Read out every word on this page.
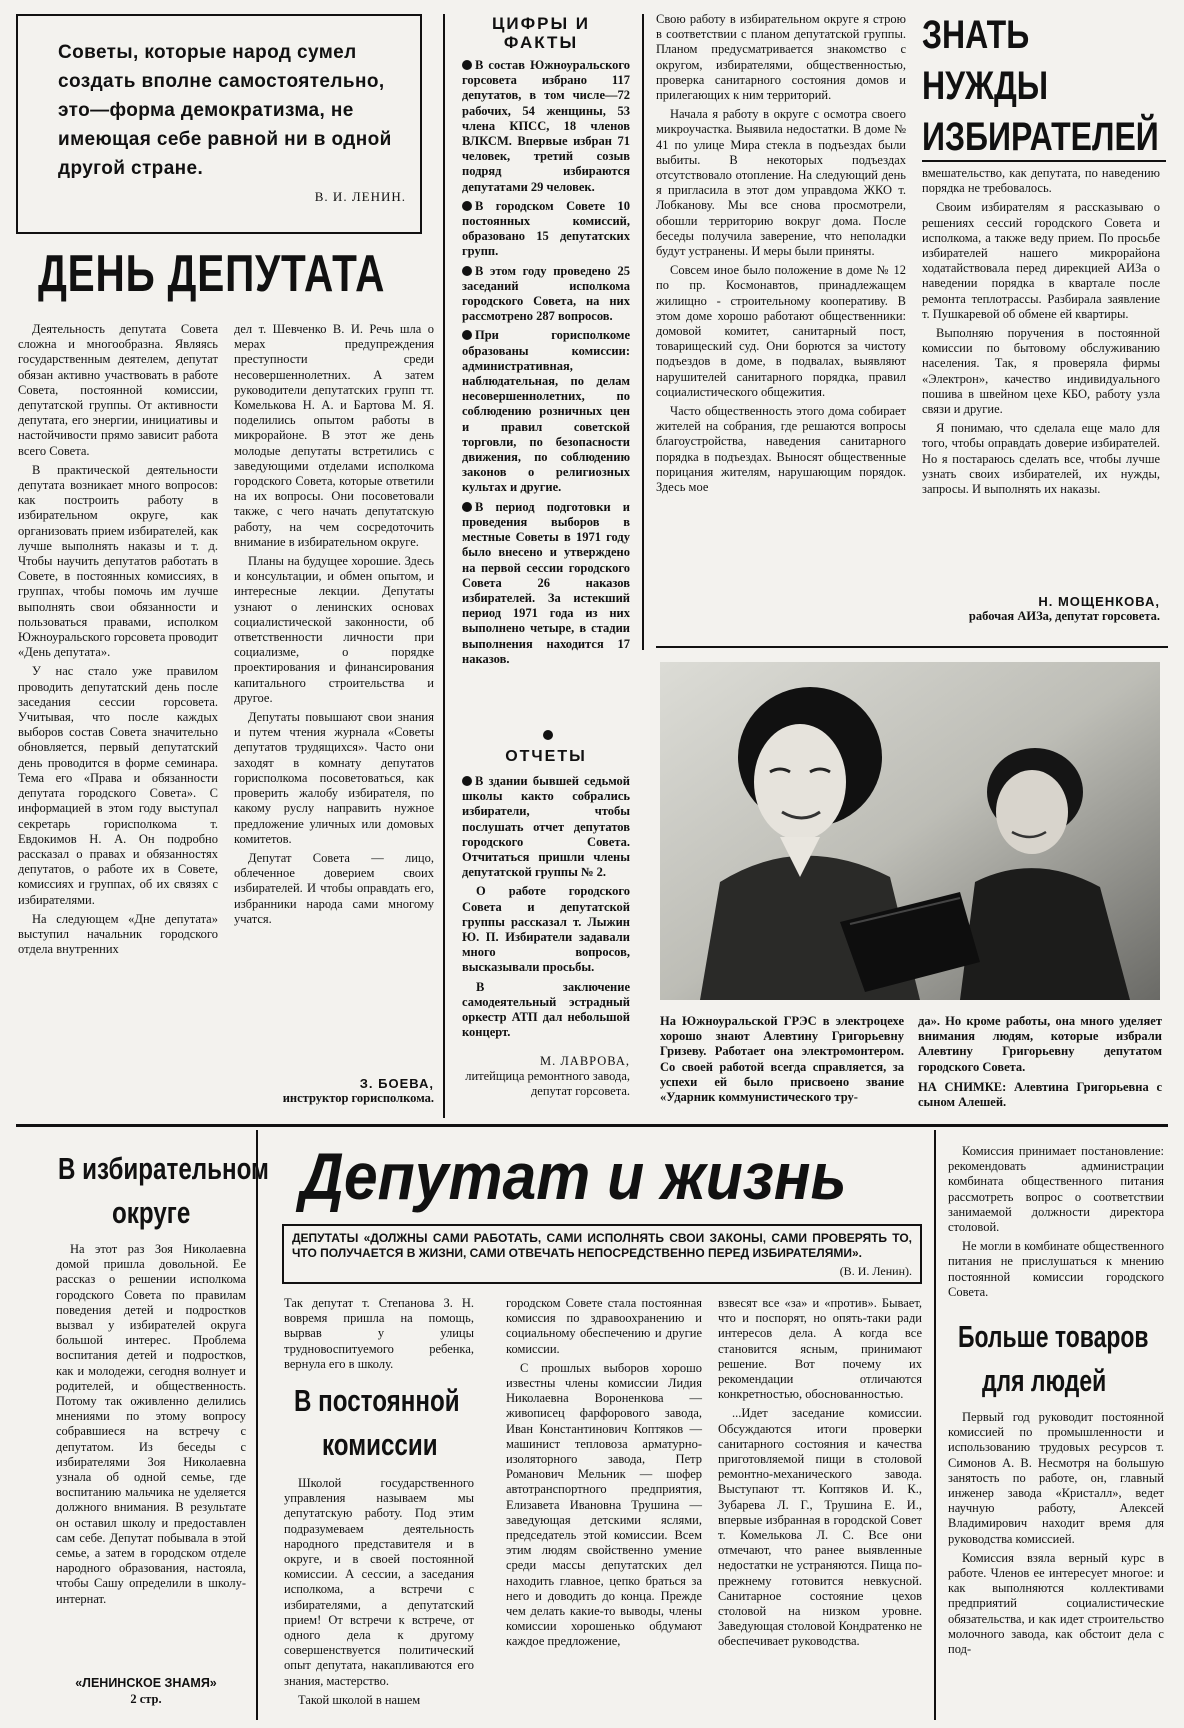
Советы, которые народ сумел создать вполне самостоятельно, это—форма демократизма, не имеющая себе равной ни в одной другой стране.
В. И. ЛЕНИН.
ДЕНЬ ДЕПУТАТА

Деятельность депутата Совета сложна и многообразна. Являясь государственным деятелем, депутат обязан активно участвовать в работе Совета, постоянной комиссии, депутатской группы. От активности депутата, его энергии, инициативы и настойчивости прямо зависит работа всего Совета.

В практической деятельности депутата возникает много вопросов: как построить работу в избирательном округе, как организовать прием избирателей, как лучше выполнять наказы и т. д. Чтобы научить депутатов работать в Совете, в постоянных комиссиях, в группах, чтобы помочь им лучше выполнять свои обязанности и пользоваться правами, исполком Южноуральского горсовета проводит «День депутата».

У нас стало уже правилом проводить депутатский день после заседания сессии горсовета. Учитывая, что после каждых выборов состав Совета значительно обновляется, первый депутатский день проводится в форме семинара. Тема его «Права и обязанности депутата городского Совета». С информацией в этом году выступал секретарь горисполкома т. Евдокимов Н. А. Он подробно рассказал о правах и обязанностях депутатов, о работе их в Совете, комиссиях и группах, об их связях с избирателями.

На следующем «Дне депутата» выступил начальник городского отдела внутренних

дел т. Шевченко В. И. Речь шла о мерах предупреждения преступности среди несовершеннолетних. А затем руководители депутатских групп тт. Комелькова Н. А. и Бартова М. Я. поделились опытом работы в микрорайоне. В этот же день молодые депутаты встретились с заведующими отделами исполкома городского Совета, которые ответили на их вопросы. Они посоветовали также, с чего начать депутатскую работу, на чем сосредоточить внимание в избирательном округе.

Планы на будущее хорошие. Здесь и консультации, и обмен опытом, и интересные лекции. Депутаты узнают о ленинских основах социалистической законности, об ответственности личности при социализме, о порядке проектирования и финансирования капитального строительства и другое.

Депутаты повышают свои знания и путем чтения журнала «Советы депутатов трудящихся». Часто они заходят в комнату депутатов горисполкома посоветоваться, как проверить жалобу избирателя, по какому руслу направить нужное предложение уличных или домовых комитетов.

Депутат Совета — лицо, облеченное доверием своих избирателей. И чтобы оправдать его, избранники народа сами многому учатся.

З. БОЕВА,
инструктор горисполкома.
ЦИФРЫ И ФАКТЫ

В состав Южноуральского горсовета избрано 117 депутатов, в том числе—72 рабочих, 54 женщины, 53 члена КПСС, 18 членов ВЛКСМ. Впервые избран 71 человек, третий созыв подряд избираются депутатами 29 человек.

В городском Совете 10 постоянных комиссий, образовано 15 депутатских групп.

В этом году проведено 25 заседаний исполкома городского Совета, на них рассмотрено 287 вопросов.

При горисполкоме образованы комиссии: административная, наблюдательная, по делам несовершеннолетних, по соблюдению розничных цен и правил советской торговли, по безопасности движения, по соблюдению законов о религиозных культах и другие.

В период подготовки и проведения выборов в местные Советы в 1971 году было внесено и утверждено на первой сессии городского Совета 26 наказов избирателей. За истекший период 1971 года из них выполнено четыре, в стадии выполнения находится 17 наказов.

ОТЧЕТЫ

В здании бывшей седьмой школы както собрались избиратели, чтобы послушать отчет депутатов городского Совета. Отчитаться пришли члены депутатской группы № 2.

О работе городского Совета и депутатской группы рассказал т. Лыжин Ю. П. Избиратели задавали много вопросов, высказывали просьбы.

В заключение самодеятельный эстрадный оркестр АТП дал небольшой концерт.

М. ЛАВРОВА,
литейщица ремонтного завода, депутат горсовета.

Свою работу в избирательном округе я строю в соответствии с планом депутатской группы. Планом предусматривается знакомство с округом, избирателями, общественностью, проверка санитарного состояния домов и прилегающих к ним территорий.

Начала я работу в округе с осмотра своего микроучастка. Выявила недостатки. В доме № 41 по улице Мира стекла в подъездах были выбиты. В некоторых подъездах отсутствовало отопление. На следующий день я пригласила в этот дом управдома ЖКО т. Лобканову. Мы все снова просмотрели, обошли территорию вокруг дома. После беседы получила заверение, что неполадки будут устранены. И меры были приняты.

Совсем иное было положение в доме № 12 по пр. Космонавтов, принадлежащем жилищно - строительному кооперативу. В этом доме хорошо работают общественники: домовой комитет, санитарный пост, товарищеский суд. Они борются за чистоту подъездов в доме, в подвалах, выявляют нарушителей санитарного порядка, правил социалистического общежития.

Часто общественность этого дома собирает жителей на собрания, где решаются вопросы благоустройства, наведения санитарного порядка в подъездах. Выносят общественные порицания жителям, нарушающим порядок. Здесь мое

ЗНАТЬ НУЖДЫ ИЗБИРАТЕЛЕЙ

вмешательство, как депутата, по наведению порядка не требовалось.

Своим избирателям я рассказываю о решениях сессий городского Совета и исполкома, а также веду прием. По просьбе избирателей нашего микрорайона ходатайствовала перед дирекцией АИЗа о наведении порядка в квартале после ремонта теплотрассы. Разбирала заявление т. Пушкаревой об обмене ей квартиры.

Выполняю поручения в постоянной комиссии по бытовому обслуживанию населения. Так, я проверяла фирмы «Электрон», качество индивидуального пошива в швейном цехе КБО, работу узла связи и другие.

Я понимаю, что сделала еще мало для того, чтобы оправдать доверие избирателей. Но я постараюсь сделать все, чтобы лучше узнать своих избирателей, их нужды, запросы. И выполнять их наказы.

Н. МОЩЕНКОВА,
рабочая АИЗа, депутат горсовета.
На Южноуральской ГРЭС в электроцехе хорошо знают Алевтину Григорьевну Гризеву. Работает она электромонтером. Со своей работой всегда справляется, за успехи ей было присвоено звание «Ударник коммунистического тру-
да». Но кроме работы, она много уделяет внимания людям, которые избрали Алевтину Григорьевну депутатом городского Совета.
НА СНИМКЕ: Алевтина Григорьевна с сыном Алешей.
В избирательном
округе

На этот раз Зоя Николаевна домой пришла довольной. Ее рассказ о решении исполкома городского Совета по правилам поведения детей и подростков вызвал у избирателей округа большой интерес. Проблема воспитания детей и подростков, как и молодежи, сегодня волнует и родителей, и общественность. Потому так оживленно делились мнениями по этому вопросу собравшиеся на встречу с депутатом. Из беседы с избирателями Зоя Николаевна узнала об одной семье, где воспитанию мальчика не уделяется должного внимания. В результате он оставил школу и предоставлен сам себе. Депутат побывала в этой семье, а затем в городском отделе народного образования, настояла, чтобы Сашу определили в школу-интернат.

«ЛЕНИНСКОЕ ЗНАМЯ»
2 стр.
Депутат и жизнь
ДЕПУТАТЫ «ДОЛЖНЫ САМИ РАБОТАТЬ, САМИ ИСПОЛНЯТЬ СВОИ ЗАКОНЫ, САМИ ПРОВЕРЯТЬ ТО, ЧТО ПОЛУЧАЕТСЯ В ЖИЗНИ, САМИ ОТВЕЧАТЬ НЕПОСРЕДСТВЕННО ПЕРЕД ИЗБИРАТЕЛЯМИ».
(В. И. Ленин).
Так депутат т. Степанова З. Н. вовремя пришла на помощь, вырвав у улицы трудновоспитуемого ребенка, вернула его в школу.
В постоянной
комиссии

Школой государственного управления называем мы депутатскую работу. Под этим подразумеваем деятельность народного представителя и в округе, и в своей постоянной комиссии. А сессии, а заседания исполкома, а встречи с избирателями, а депутатский прием! От встречи к встрече, от одного дела к другому совершенствуется политический опыт депутата, накапливаются его знания, мастерство.

Такой школой в нашем

городском Совете стала постоянная комиссия по здравоохранению и социальному обеспечению и другие комиссии.

С прошлых выборов хорошо известны члены комиссии Лидия Николаевна Вороненкова — живописец фарфорового завода, Иван Константинович Коптяков — машинист тепловоза арматурно-изоляторного завода, Петр Романович Мельник — шофер автотранспортного предприятия, Елизавета Ивановна Трушина — заведующая детскими яслями, председатель этой комиссии. Всем этим людям свойственно умение среди массы депутатских дел находить главное, цепко браться за него и доводить до конца. Прежде чем делать какие-то выводы, члены комиссии хорошенько обдумают каждое предложение,

взвесят все «за» и «против». Бывает, что и поспорят, но опять-таки ради интересов дела. А когда все становится ясным, принимают решение. Вот почему их рекомендации отличаются конкретностью, обоснованностью.

...Идет заседание комиссии. Обсуждаются итоги проверки санитарного состояния и качества приготовляемой пищи в столовой ремонтно-механического завода. Выступают тт. Коптяков И. К., Зубарева Л. Г., Трушина Е. И., впервые избранная в городской Совет т. Комелькова Л. С. Все они отмечают, что ранее выявленные недостатки не устраняются. Пища по-прежнему готовится невкусной. Санитарное состояние цехов столовой на низком уровне. Заведующая столовой Кондратенко не обеспечивает руководства.

Комиссия принимает постановление: рекомендовать администрации комбината общественного питания рассмотреть вопрос о соответствии занимаемой должности директора столовой.

Не могли в комбинате общественного питания не прислушаться к мнению постоянной комиссии городского Совета.

Больше товаров
для людей

Первый год руководит постоянной комиссией по промышленности и использованию трудовых ресурсов т. Симонов А. В. Несмотря на большую занятость по работе, он, главный инженер завода «Кристалл», ведет научную работу, Алексей Владимирович находит время для руководства комиссией.

Комиссия взяла верный курс в работе. Членов ее интересует многое: и как выполняются коллективами предприятий социалистические обязательства, и как идет строительство молочного завода, как обстоит дела с под-
